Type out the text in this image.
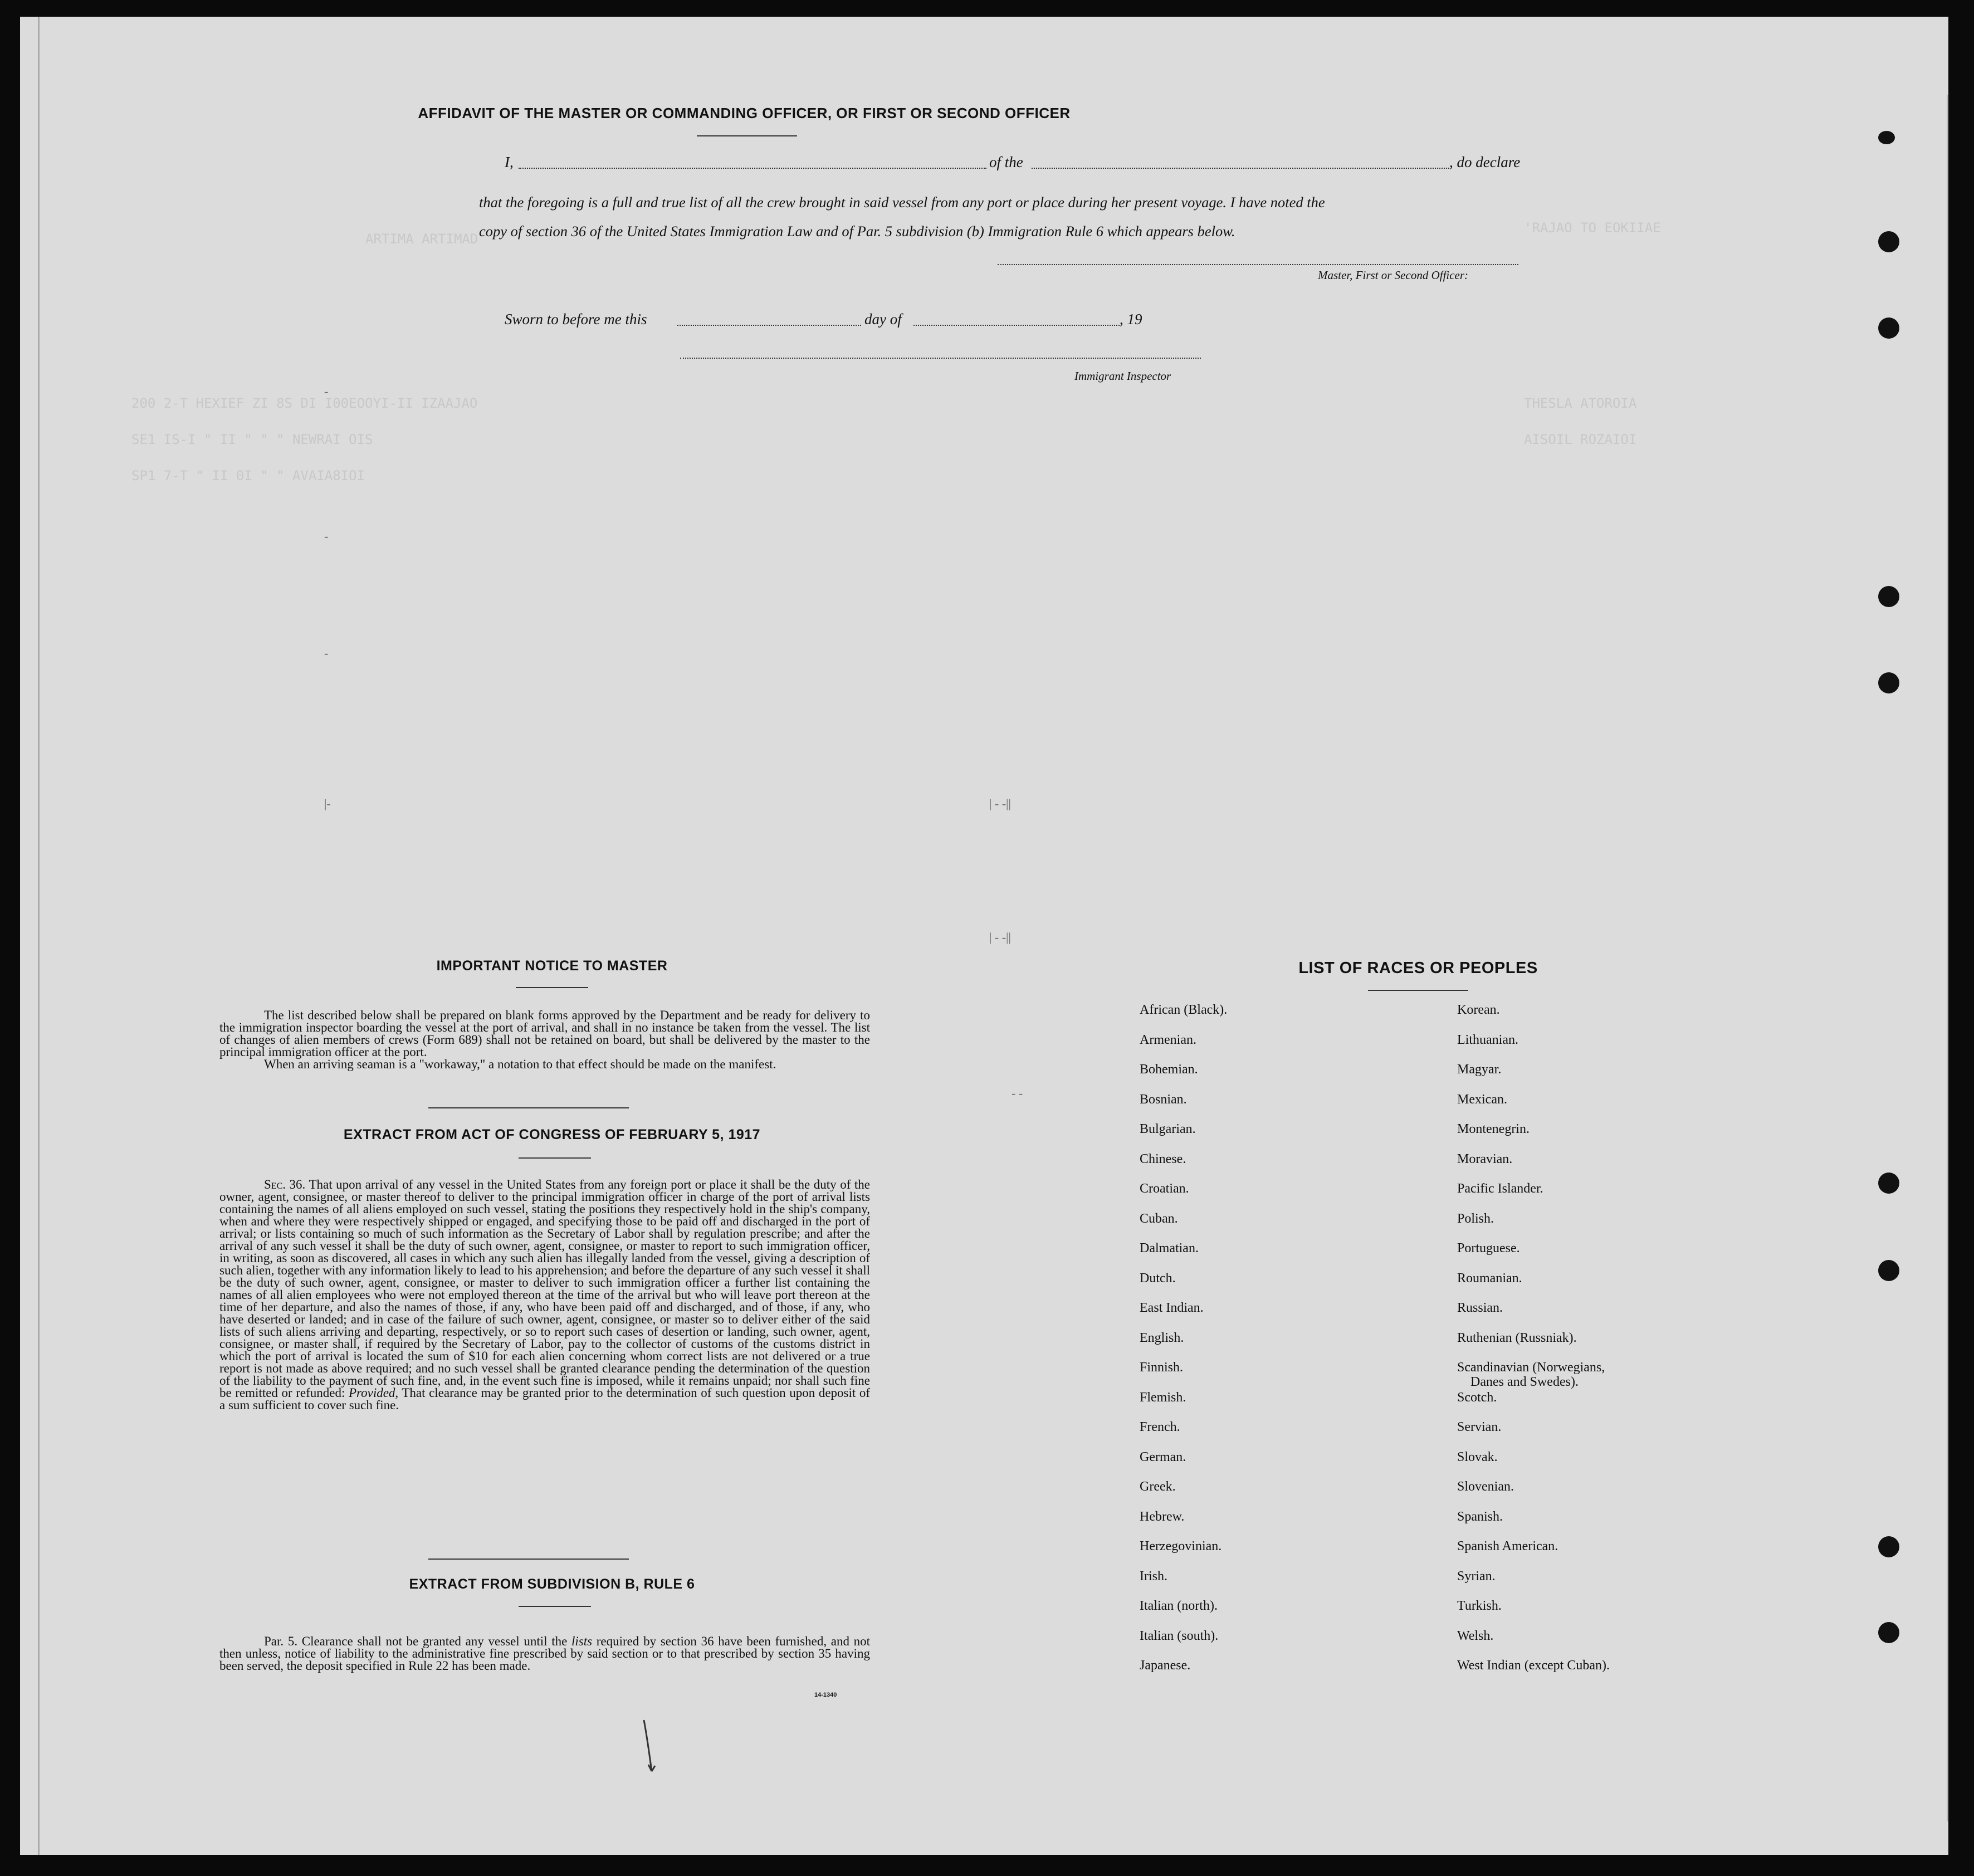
200 2-T HEXIEF ZI 8S DI I00EOOYI-II IZAAJAO
SE1 IS-I " II " " " NEWRAI OIS
SP1 7-T " II 0I " " AVAIA8IOI
THESLA ATOROIA
AISOIL ROZAIOI
'RAJAO TO EOKIIAE
ARTIMA ARTIMAD
AFFIDAVIT OF THE MASTER OR COMMANDING OFFICER, OR FIRST OR SECOND OFFICER
I,	of the	, do declare
that the foregoing is a full and true list of all the crew brought in said vessel from any port or place during her present voyage. I have noted the
copy of section 36 of the United States Immigration Law and of Par. 5 subdivision (b) Immigration Rule 6 which appears below.
Master, First or Second Officer:
Sworn to before me this	day of	, 19
Immigrant Inspector
-
-
-
|-	| - -||
| - -||
- -
IMPORTANT NOTICE TO MASTER

The list described below shall be prepared on blank forms approved by the Department and be ready for delivery to the immigration inspector boarding the vessel at the port of arrival, and shall in no instance be taken from the vessel. The list of changes of alien members of crews (Form 689) shall not be retained on board, but shall be delivered by the master to the principal immigration officer at the port.

When an arriving seaman is a "workaway," a notation to that effect should be made on the manifest.

EXTRACT FROM ACT OF CONGRESS OF FEBRUARY 5, 1917

Sec. 36. That upon arrival of any vessel in the United States from any foreign port or place it shall be the duty of the owner, agent, consignee, or master thereof to deliver to the principal immigration officer in charge of the port of arrival lists containing the names of all aliens employed on such vessel, stating the positions they respectively hold in the ship's company, when and where they were respectively shipped or engaged, and specifying those to be paid off and discharged in the port of arrival; or lists containing so much of such information as the Secretary of Labor shall by regulation prescribe; and after the arrival of any such vessel it shall be the duty of such owner, agent, consignee, or master to report to such immigration officer, in writing, as soon as discovered, all cases in which any such alien has illegally landed from the vessel, giving a description of such alien, together with any information likely to lead to his apprehension; and before the departure of any such vessel it shall be the duty of such owner, agent, consignee, or master to deliver to such immigration officer a further list containing the names of all alien employees who were not employed thereon at the time of the arrival but who will leave port thereon at the time of her departure, and also the names of those, if any, who have been paid off and discharged, and of those, if any, who have deserted or landed; and in case of the failure of such owner, agent, consignee, or master so to deliver either of the said lists of such aliens arriving and departing, respectively, or so to report such cases of desertion or landing, such owner, agent, consignee, or master shall, if required by the Secretary of Labor, pay to the collector of customs of the customs district in which the port of arrival is located the sum of $10 for each alien concerning whom correct lists are not delivered or a true report is not made as above required; and no such vessel shall be granted clearance pending the determination of the question of the liability to the payment of such fine, and, in the event such fine is imposed, while it remains unpaid; nor shall such fine be remitted or refunded: Provided, That clearance may be granted prior to the determination of such question upon deposit of a sum sufficient to cover such fine.

EXTRACT FROM SUBDIVISION B, RULE 6

Par. 5. Clearance shall not be granted any vessel until the lists required by section 36 have been furnished, and not then unless, notice of liability to the administrative fine prescribed by said section or to that prescribed by section 35 having been served, the deposit specified in Rule 22 has been made.

14-1340
LIST OF RACES OR PEOPLES
African (Black).
Armenian.
Bohemian.
Bosnian.
Bulgarian.
Chinese.
Croatian.
Cuban.
Dalmatian.
Dutch.
East Indian.
English.
Finnish.
Flemish.
French.
German.
Greek.
Hebrew.
Herzegovinian.
Irish.
Italian (north).
Italian (south).
Japanese.
Korean.
Lithuanian.
Magyar.
Mexican.
Montenegrin.
Moravian.
Pacific Islander.
Polish.
Portuguese.
Roumanian.
Russian.
Ruthenian (Russniak).
Scandinavian (Norwegians,
Danes and Swedes).
Scotch.
Servian.
Slovak.
Slovenian.
Spanish.
Spanish American.
Syrian.
Turkish.
Welsh.
West Indian (except Cuban).
